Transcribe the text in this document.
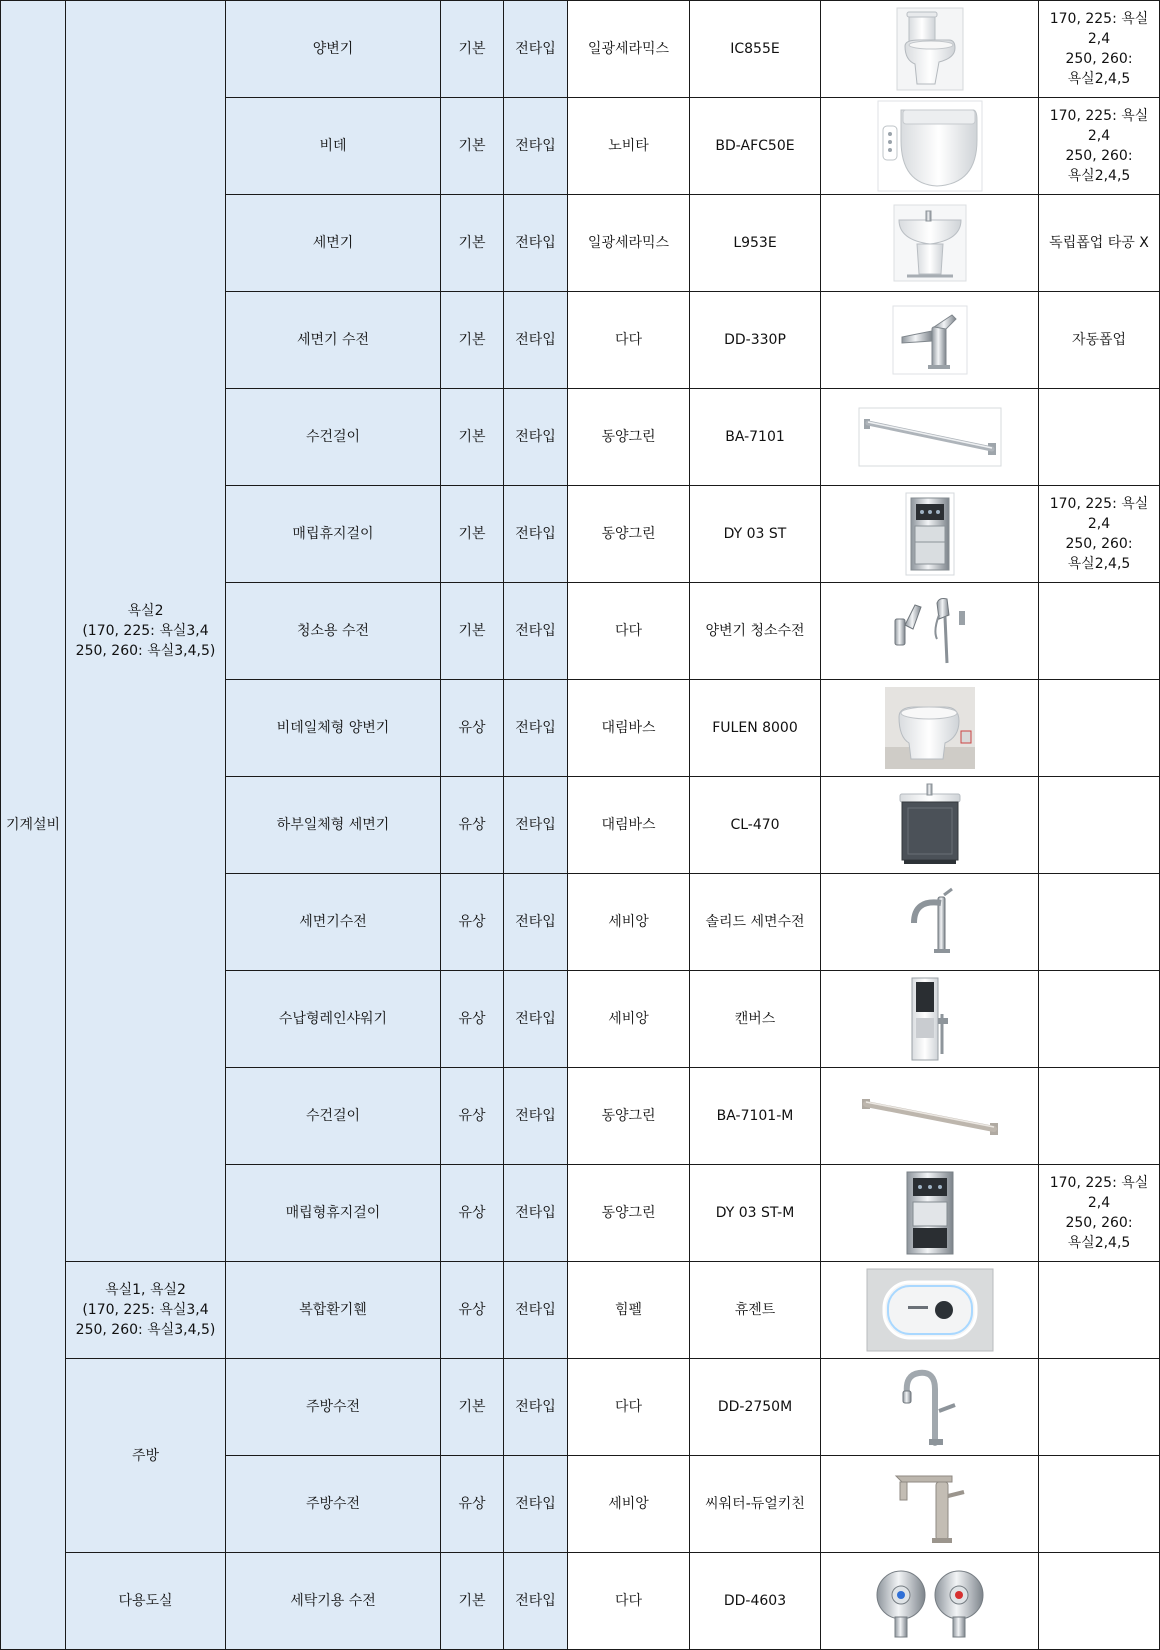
기계설비	욕실2
(170, 225: 욕실3,4
250, 260: 욕실3,4,5)	양변기	기본	전타입	일광세라믹스	IC855E		170, 225: 욕실
2,4
250, 260:
욕실2,4,5
		비데	기본	전타입	노비타	BD-AFC50E		170, 225: 욕실
2,4
250, 260:
욕실2,4,5
		세면기	기본	전타입	일광세라믹스	L953E		독립폽업 타공 X
		세면기 수전	기본	전타입	다다	DD-330P		자동폽업
		수건걸이	기본	전타입	동양그린	BA-7101	

		매립휴지걸이	기본	전타입	동양그린	DY 03 ST		170, 225: 욕실
2,4
250, 260:
욕실2,4,5
		청소용 수전	기본	전타입	다다	양변기 청소수전	

		비데일체형 양변기	유상	전타입	대림바스	FULEN 8000	

		하부일체형 세면기	유상	전타입	대림바스	CL-470	

		세면기수전	유상	전타입	세비앙	솔리드 세면수전	

		수납형레인샤워기	유상	전타입	세비앙	캔버스	

		수건걸이	유상	전타입	동양그린	BA-7101-M	

		매립형휴지걸이	유상	전타입	동양그린	DY 03 ST-M		170, 225: 욕실
2,4
250, 260:
욕실2,4,5
	욕실1, 욕실2
(170, 225: 욕실3,4
250, 260: 욕실3,4,5)	복합환기휀	유상	전타입	힘펠	휴젠트	

	주방	주방수전	기본	전타입	다다	DD-2750M	

		주방수전	유상	전타입	세비앙	씨워터-듀얼키친	

	다용도실	세탁기용 수전	기본	전타입	다다	DD-4603	
